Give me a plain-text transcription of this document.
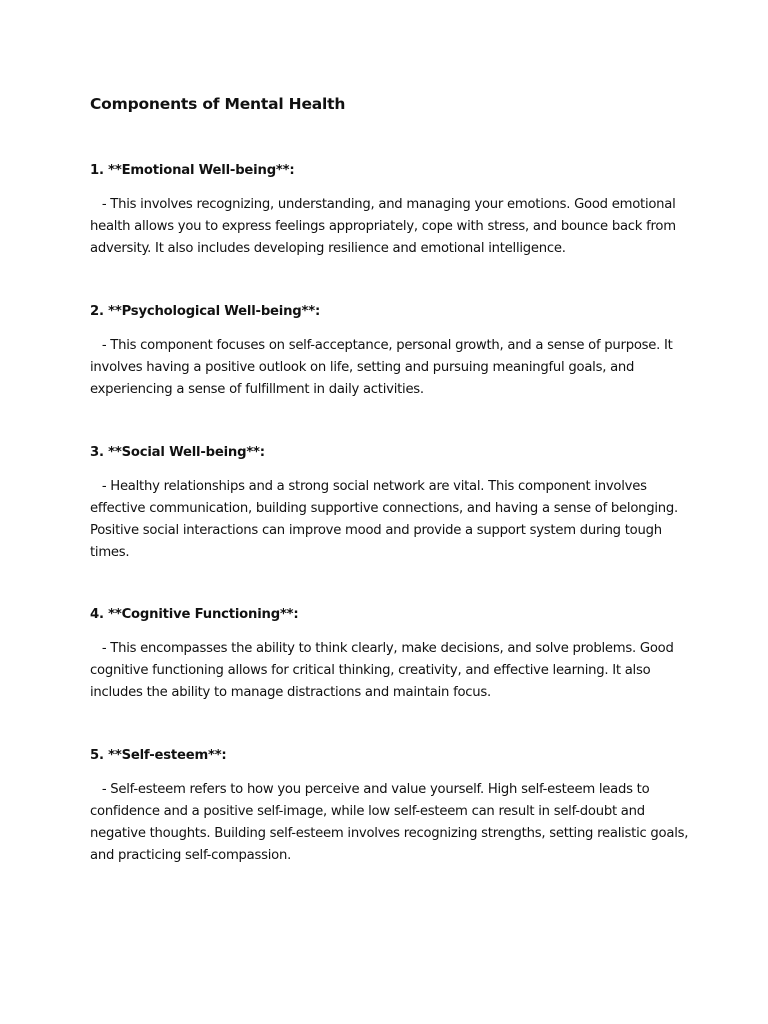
Components of Mental Health

1. **Emotional Well-being**:

- This involves recognizing, understanding, and managing your emotions. Good emotional health allows you to express feelings appropriately, cope with stress, and bounce back from adversity. It also includes developing resilience and emotional intelligence.

2. **Psychological Well-being**:

- This component focuses on self-acceptance, personal growth, and a sense of purpose. It involves having a positive outlook on life, setting and pursuing meaningful goals, and experiencing a sense of fulfillment in daily activities.

3. **Social Well-being**:

- Healthy relationships and a strong social network are vital. This component involves effective communication, building supportive connections, and having a sense of belonging. Positive social interactions can improve mood and provide a support system during tough times.

4. **Cognitive Functioning**:

- This encompasses the ability to think clearly, make decisions, and solve problems. Good cognitive functioning allows for critical thinking, creativity, and effective learning. It also includes the ability to manage distractions and maintain focus.

5. **Self-esteem**:

- Self-esteem refers to how you perceive and value yourself. High self-esteem leads to confidence and a positive self-image, while low self-esteem can result in self-doubt and negative thoughts. Building self-esteem involves recognizing strengths, setting realistic goals, and practicing self-compassion.
